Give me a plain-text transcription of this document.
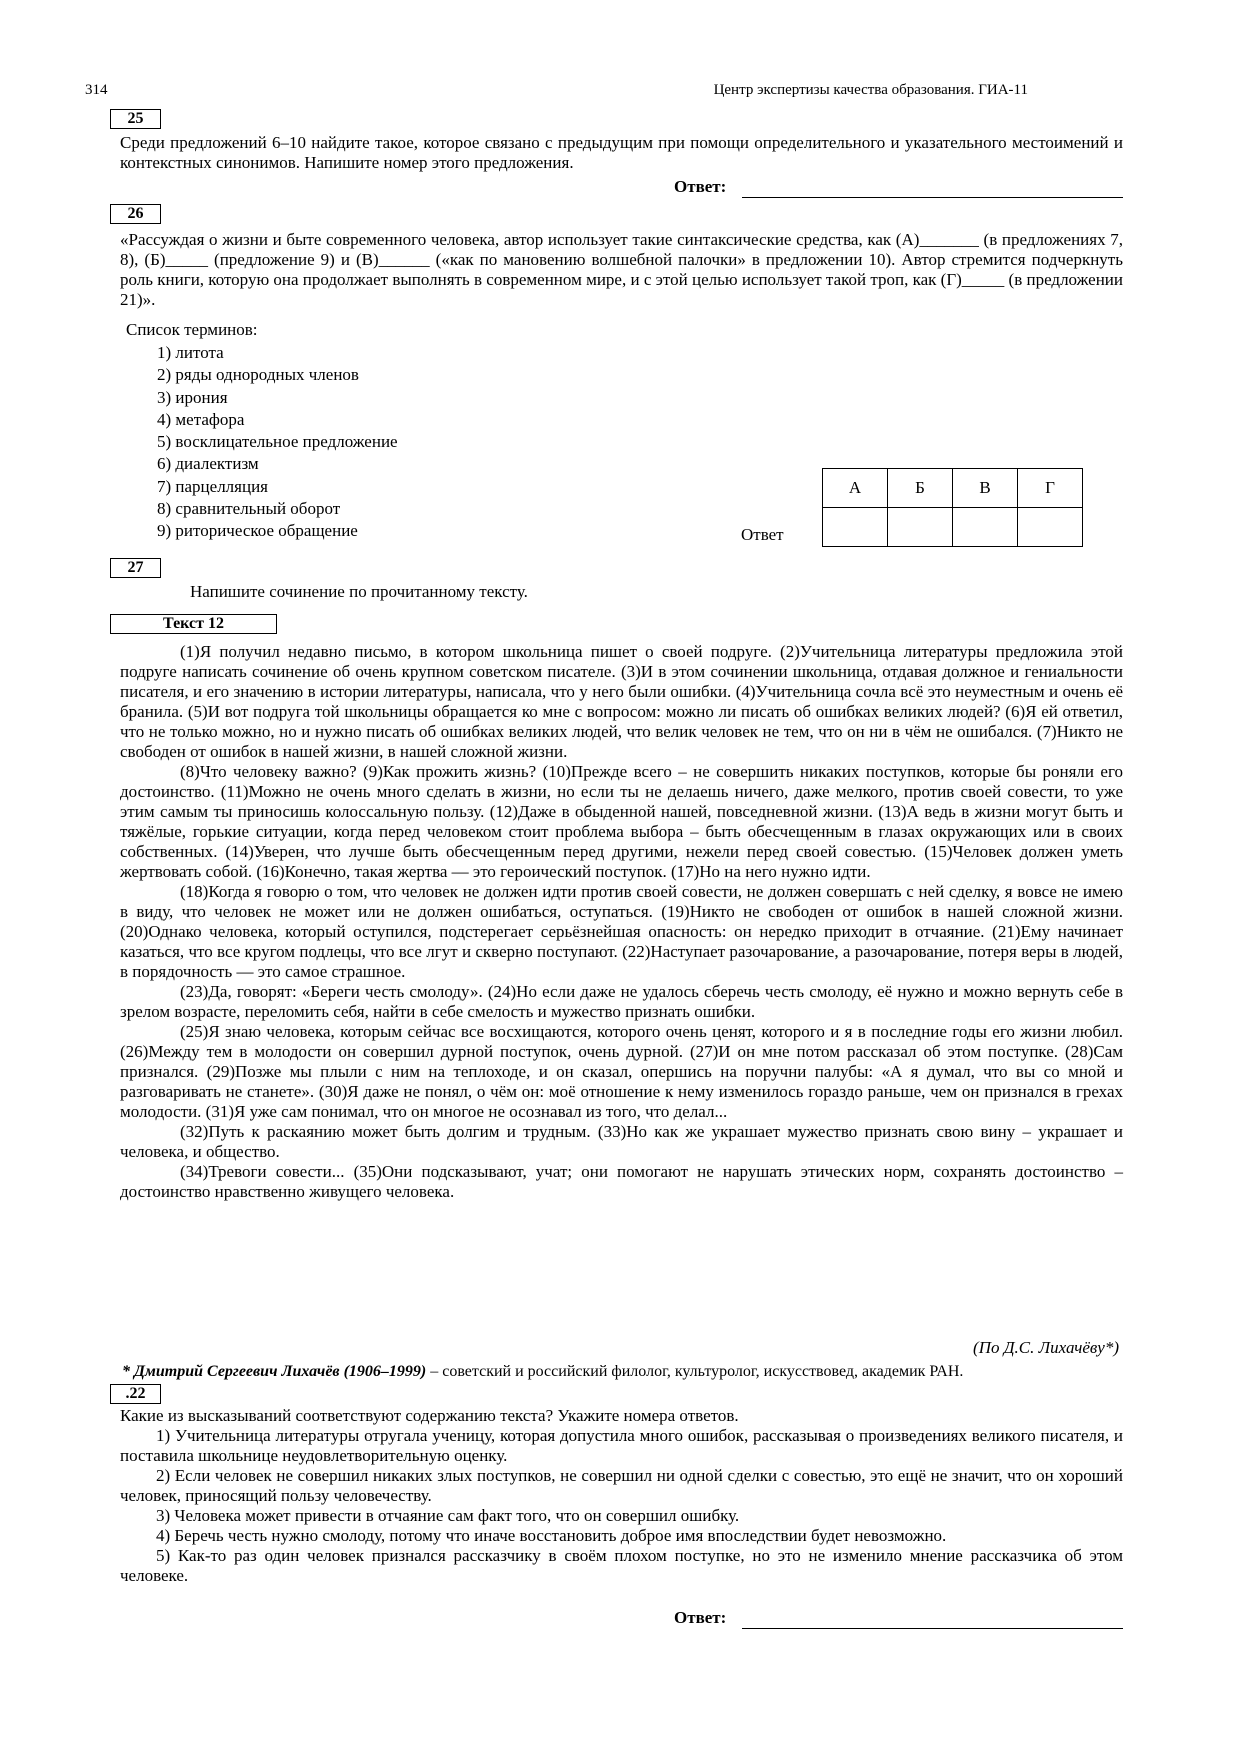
314	Центр экспертизы качества образования. ГИА-11
25
Среди предложений 6–10 найдите такое, которое связано с предыдущим при помощи определительного и указательного местоимений и контекстных синонимов. Напишите номер этого предложения.
Ответ:
26
«Рассуждая о жизни и быте современного человека, автор использует такие синтаксические средства, как (А)_______ (в предложениях 7, 8), (Б)_____ (предложение 9) и (В)______ («как по мановению волшебной палочки» в предложении 10). Автор стремится подчеркнуть роль книги, которую она продолжает выполнять в современном мире, и с этой целью использует такой троп, как (Г)_____ (в предложении 21)».
Список терминов:
1) литота
2) ряды однородных членов
3) ирония
4) метафора
5) восклицательное предложение
6) диалектизм
7) парцелляция
8) сравнительный оборот
9) риторическое обращение	Ответ
А	Б	В	Г

27
Напишите сочинение по прочитанному тексту.
Текст 12

(1)Я получил недавно письмо, в котором школьница пишет о своей подруге. (2)Учительница литературы предложила этой подруге написать сочинение об очень крупном советском писателе. (3)И в этом сочинении школьница, отдавая должное и гениальности писателя, и его значению в истории литературы, написала, что у него были ошибки. (4)Учительница сочла всё это неуместным и очень её бранила. (5)И вот подруга той школьницы обращается ко мне с вопросом: можно ли писать об ошибках великих людей? (6)Я ей ответил, что не только можно, но и нужно писать об ошибках великих людей, что велик человек не тем, что он ни в чём не ошибался. (7)Никто не свободен от ошибок в нашей жизни, в нашей сложной жизни.

(8)Что человеку важно? (9)Как прожить жизнь? (10)Прежде всего – не совершить никаких поступков, которые бы роняли его достоинство. (11)Можно не очень много сделать в жизни, но если ты не делаешь ничего, даже мелкого, против своей совести, то уже этим самым ты приносишь колоссальную пользу. (12)Даже в обыденной нашей, повседневной жизни. (13)А ведь в жизни могут быть и тяжёлые, горькие ситуации, когда перед человеком стоит проблема выбора – быть обесчещенным в глазах окружающих или в своих собственных. (14)Уверен, что лучше быть обесчещенным перед другими, нежели перед своей совестью. (15)Человек должен уметь жертвовать собой. (16)Конечно, такая жертва — это героический поступок. (17)Но на него нужно идти.

(18)Когда я говорю о том, что человек не должен идти против своей совести, не должен совершать с ней сделку, я вовсе не имею в виду, что человек не может или не должен ошибаться, оступаться. (19)Никто не свободен от ошибок в нашей сложной жизни. (20)Однако человека, который оступился, подстерегает серьёзнейшая опасность: он нередко приходит в отчаяние. (21)Ему начинает казаться, что все кругом подлецы, что все лгут и скверно поступают. (22)Наступает разочарование, а разочарование, потеря веры в людей, в порядочность — это самое страшное.

(23)Да, говорят: «Береги честь смолоду». (24)Но если даже не удалось сберечь честь смолоду, её нужно и можно вернуть себе в зрелом возрасте, переломить себя, найти в себе смелость и мужество признать ошибки.

(25)Я знаю человека, которым сейчас все восхищаются, которого очень ценят, которого и я в последние годы его жизни любил. (26)Между тем в молодости он совершил дурной поступок, очень дурной. (27)И он мне потом рассказал об этом поступке. (28)Сам признался. (29)Позже мы плыли с ним на теплоходе, и он сказал, опершись на поручни палубы: «А я думал, что вы со мной и разговаривать не станете». (30)Я даже не понял, о чём он: моё отношение к нему изменилось гораздо раньше, чем он признался в грехах молодости. (31)Я уже сам понимал, что он многое не осознавал из того, что делал...

(32)Путь к раскаянию может быть долгим и трудным. (33)Но как же украшает мужество признать свою вину – украшает и человека, и общество.

(34)Тревоги совести... (35)Они подсказывают, учат; они помогают не нарушать этических норм, сохранять достоинство – достоинство нравственно живущего человека.

(По Д.С. Лихачёву*)
* Дмитрий Сергеевич Лихачёв (1906–1999) – советский и российский филолог, культуролог, искусствовед, академик РАН.
.22

Какие из высказываний соответствуют содержанию текста? Укажите номера ответов.

1) Учительница литературы отругала ученицу, которая допустила много ошибок, рассказывая о произведениях великого писателя, и поставила школьнице неудовлетворительную оценку.

2) Если человек не совершил никаких злых поступков, не совершил ни одной сделки с совестью, это ещё не значит, что он хороший человек, приносящий пользу человечеству.

3) Человека может привести в отчаяние сам факт того, что он совершил ошибку.

4) Беречь честь нужно смолоду, потому что иначе восстановить доброе имя впоследствии будет невозможно.

5) Как-то раз один человек признался рассказчику в своём плохом поступке, но это не изменило мнение рассказчика об этом человеке.

Ответ:
